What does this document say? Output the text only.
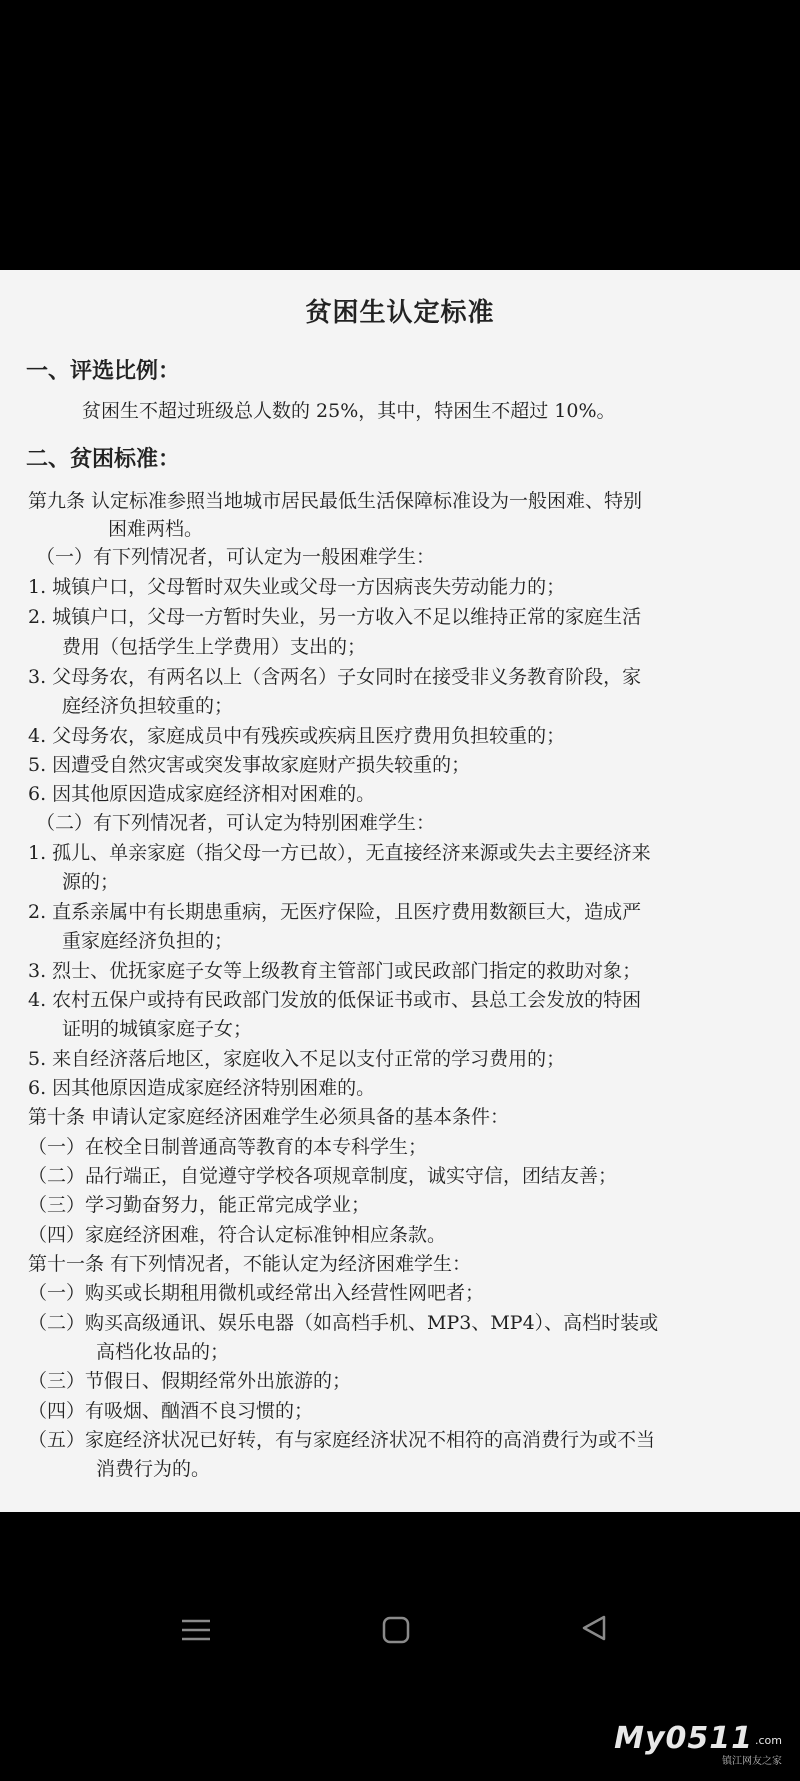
贫困生认定标准
一、评选比例：
贫困生不超过班级总人数的 25%，其中，特困生不超过 10%。
二、贫困标准：
第九条 认定标准参照当地城市居民最低生活保障标准设为一般困难、特别
困难两档。
（一）有下列情况者，可认定为一般困难学生：
1. 城镇户口，父母暂时双失业或父母一方因病丧失劳动能力的；
2. 城镇户口，父母一方暂时失业，另一方收入不足以维持正常的家庭生活
费用（包括学生上学费用）支出的；
3. 父母务农，有两名以上（含两名）子女同时在接受非义务教育阶段，家
庭经济负担较重的；
4. 父母务农，家庭成员中有残疾或疾病且医疗费用负担较重的；
5. 因遭受自然灾害或突发事故家庭财产损失较重的；
6. 因其他原因造成家庭经济相对困难的。
（二）有下列情况者，可认定为特别困难学生：
1. 孤儿、单亲家庭（指父母一方已故），无直接经济来源或失去主要经济来
源的；
2. 直系亲属中有长期患重病，无医疗保险，且医疗费用数额巨大，造成严
重家庭经济负担的；
3. 烈士、优抚家庭子女等上级教育主管部门或民政部门指定的救助对象；
4. 农村五保户或持有民政部门发放的低保证书或市、县总工会发放的特困
证明的城镇家庭子女；
5. 来自经济落后地区，家庭收入不足以支付正常的学习费用的；
6. 因其他原因造成家庭经济特别困难的。
第十条 申请认定家庭经济困难学生必须具备的基本条件：
（一）在校全日制普通高等教育的本专科学生；
（二）品行端正，自觉遵守学校各项规章制度，诚实守信，团结友善；
（三）学习勤奋努力，能正常完成学业；
（四）家庭经济困难，符合认定标准钟相应条款。
第十一条 有下列情况者，不能认定为经济困难学生：
（一）购买或长期租用微机或经常出入经营性网吧者；
（二）购买高级通讯、娱乐电器（如高档手机、MP3、MP4）、高档时装或
高档化妆品的；
（三）节假日、假期经常外出旅游的；
（四）有吸烟、酗酒不良习惯的；
（五）家庭经济状况已好转，有与家庭经济状况不相符的高消费行为或不当
消费行为的。
My0511 $^{.com}$
镇江网友之家
